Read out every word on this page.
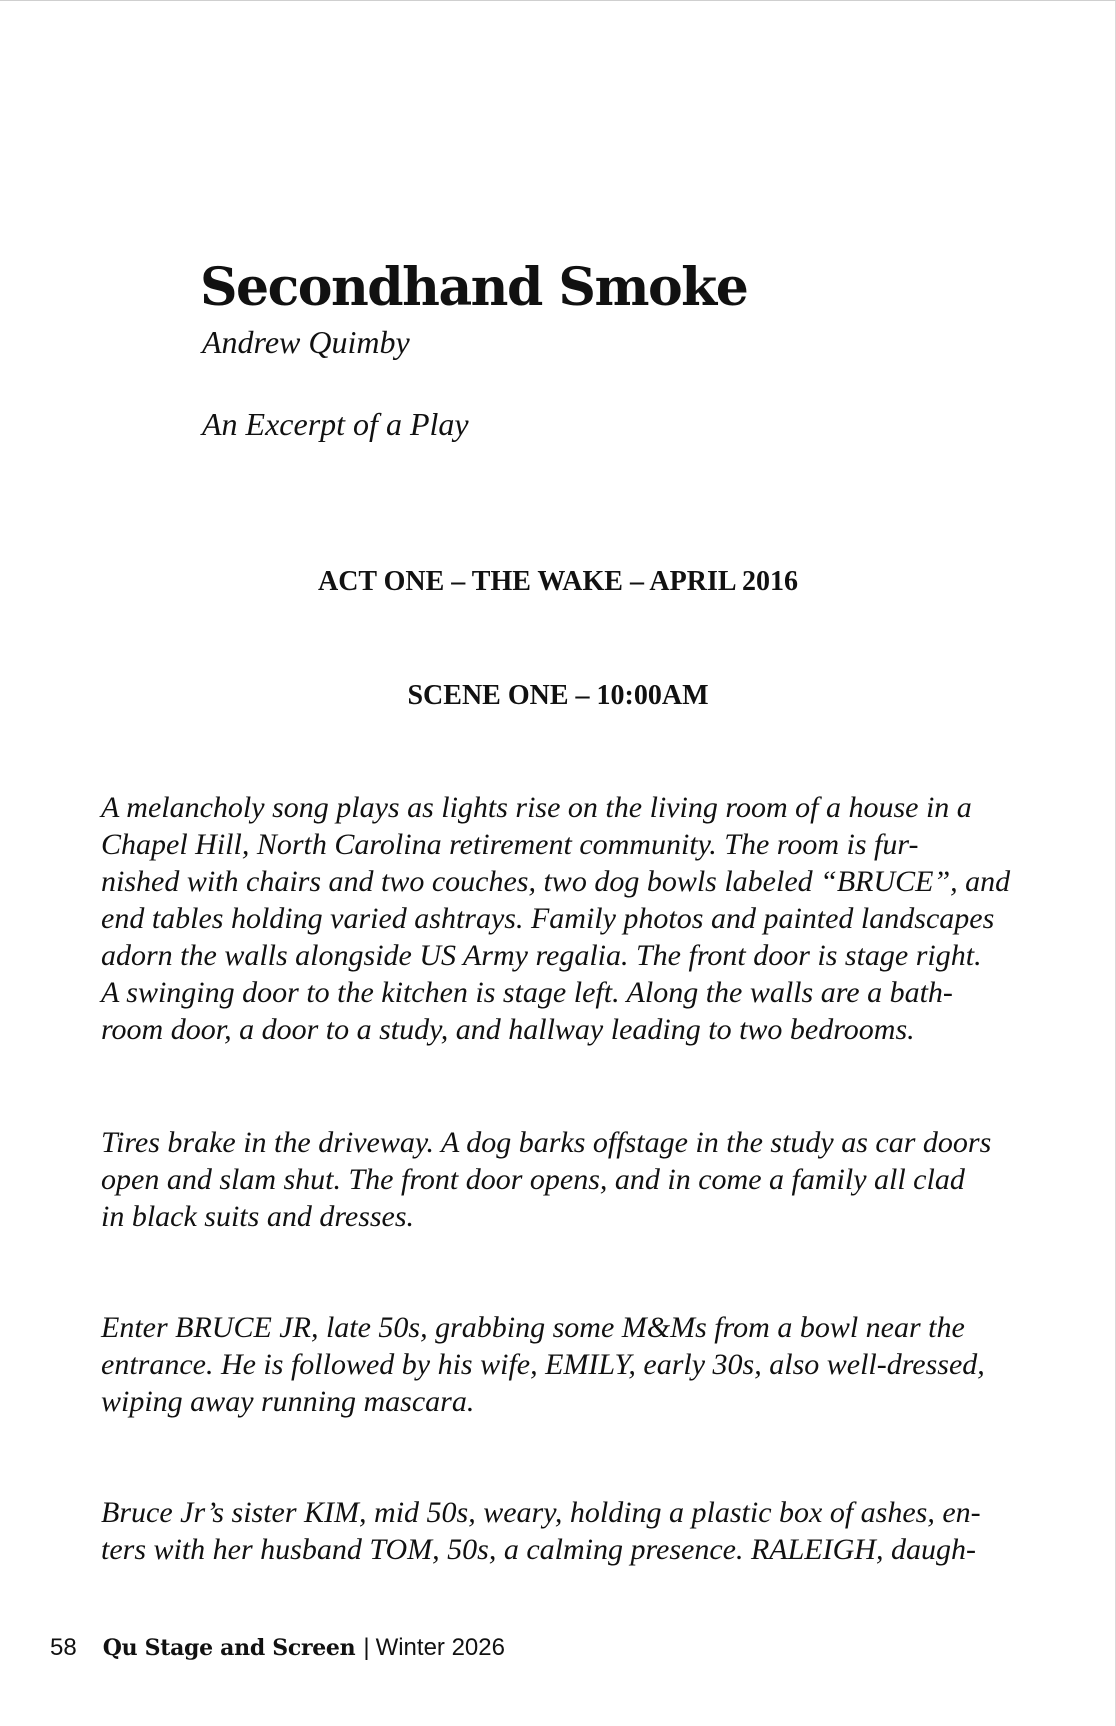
Secondhand Smoke
Andrew Quimby
An Excerpt of a Play
ACT ONE – THE WAKE – APRIL 2016
SCENE ONE – 10:00AM

A melancholy song plays as lights rise on the living room of a house in a
Chapel Hill, North Carolina retirement community. The room is fur-
nished with chairs and two couches, two dog bowls labeled “BRUCE”, and
end tables holding varied ashtrays. Family photos and painted landscapes
adorn the walls alongside US Army regalia. The front door is stage right.
A swinging door to the kitchen is stage left. Along the walls are a bath-
room door, a door to a study, and hallway leading to two bedrooms.

Tires brake in the driveway. A dog barks offstage in the study as car doors
open and slam shut. The front door opens, and in come a family all clad
in black suits and dresses.

Enter BRUCE JR, late 50s, grabbing some M&Ms from a bowl near the
entrance. He is followed by his wife, EMILY, early 30s, also well-dressed,
wiping away running mascara.

Bruce Jr’s sister KIM, mid 50s, weary, holding a plastic box of ashes, en-
ters with her husband TOM, 50s, a calming presence. RALEIGH, daugh-

58 Qu Stage and Screen | Winter 2026
